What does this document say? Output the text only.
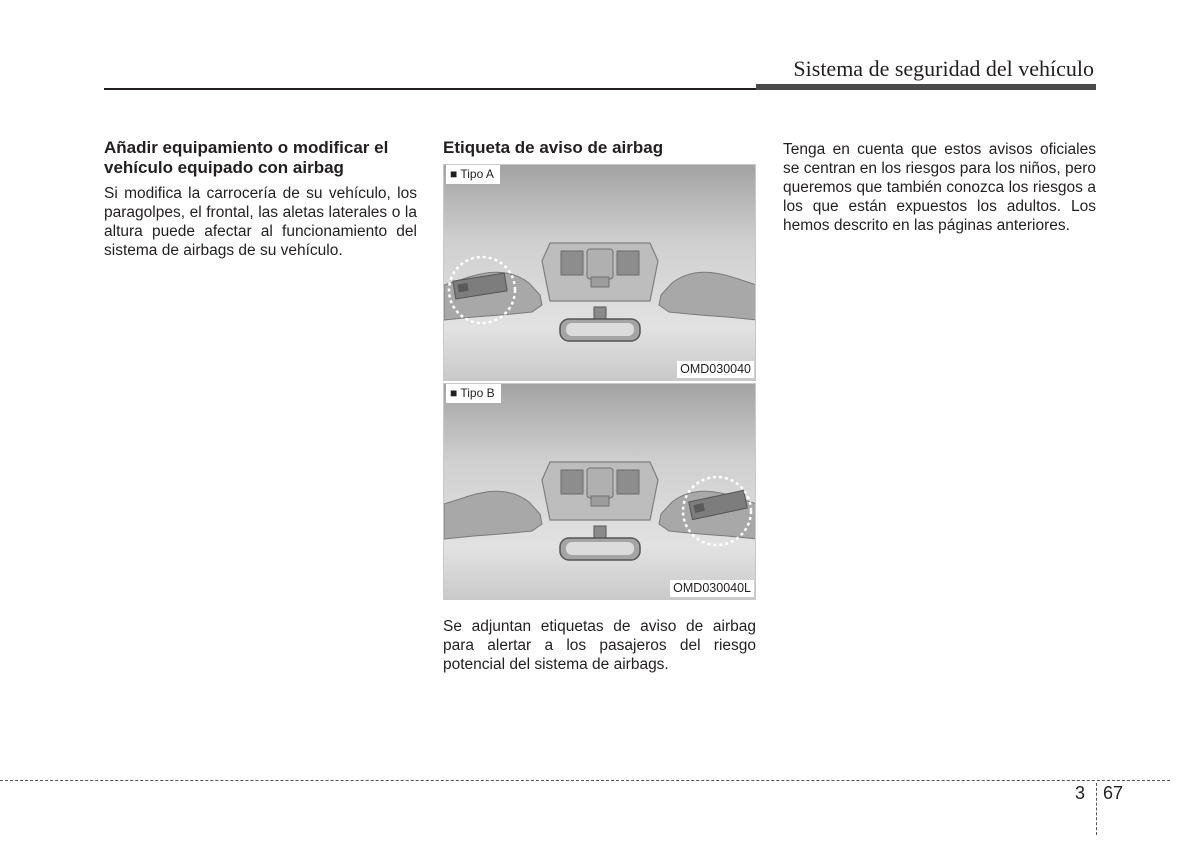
Sistema de seguridad del vehículo
Añadir equipamiento o modificar el vehículo equipado con airbag

Si modifica la carrocería de su vehículo, los paragolpes, el frontal, las aletas laterales o la altura puede afectar al funcionamiento del sistema de airbags de su vehículo.

Etiqueta de aviso de airbag
■ Tipo A
OMD030040
■ Tipo B
OMD030040L

Se adjuntan etiquetas de aviso de airbag para alertar a los pasajeros del riesgo potencial del sistema de airbags.

Tenga en cuenta que estos avisos oficiales se centran en los riesgos para los niños, pero queremos que también conozca los riesgos a los que están expuestos los adultos. Los hemos descrito en las páginas anteriores.

3 67
